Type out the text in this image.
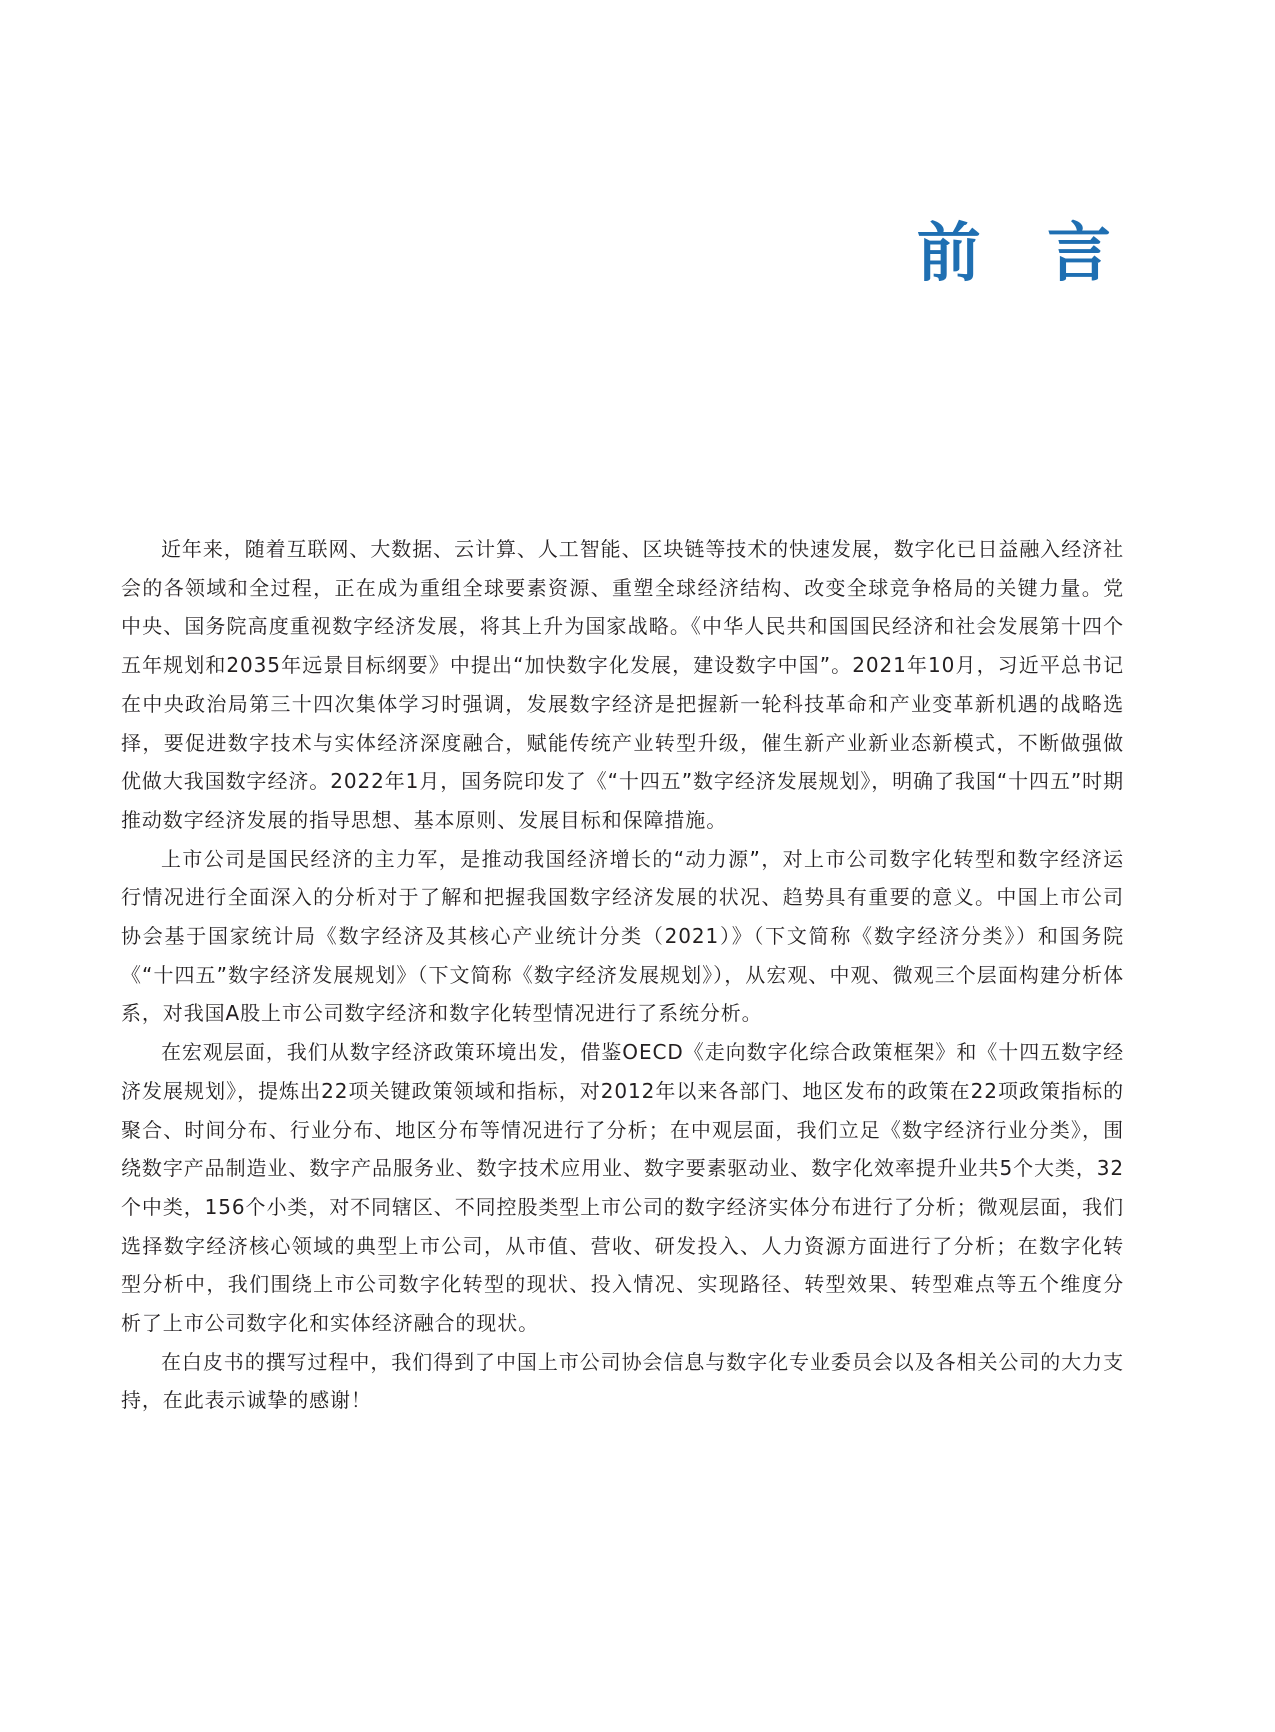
前 言

近年来，随着互联网、大数据、云计算、人工智能、区块链等技术的快速发展，数字化已日益融入经济社会的各领域和全过程，正在成为重组全球要素资源、重塑全球经济结构、改变全球竞争格局的关键力量。党中央、国务院高度重视数字经济发展，将其上升为国家战略。《中华人民共和国国民经济和社会发展第十四个五年规划和2035年远景目标纲要》中提出“加快数字化发展，建设数字中国”。2021年10月，习近平总书记在中央政治局第三十四次集体学习时强调，发展数字经济是把握新一轮科技革命和产业变革新机遇的战略选择，要促进数字技术与实体经济深度融合，赋能传统产业转型升级，催生新产业新业态新模式，不断做强做优做大我国数字经济。2022年1月，国务院印发了《“十四五”数字经济发展规划》，明确了我国“十四五”时期推动数字经济发展的指导思想、基本原则、发展目标和保障措施。

上市公司是国民经济的主力军，是推动我国经济增长的“动力源”，对上市公司数字化转型和数字经济运行情况进行全面深入的分析对于了解和把握我国数字经济发展的状况、趋势具有重要的意义。中国上市公司协会基于国家统计局《数字经济及其核心产业统计分类（2021）》（下文简称《数字经济分类》）和国务院《“十四五”数字经济发展规划》（下文简称《数字经济发展规划》），从宏观、中观、微观三个层面构建分析体系，对我国A股上市公司数字经济和数字化转型情况进行了系统分析。

在宏观层面，我们从数字经济政策环境出发，借鉴OECD《走向数字化综合政策框架》和《十四五数字经济发展规划》，提炼出22项关键政策领域和指标，对2012年以来各部门、地区发布的政策在22项政策指标的聚合、时间分布、行业分布、地区分布等情况进行了分析；在中观层面，我们立足《数字经济行业分类》，围绕数字产品制造业、数字产品服务业、数字技术应用业、数字要素驱动业、数字化效率提升业共5个大类，32个中类，156个小类，对不同辖区、不同控股类型上市公司的数字经济实体分布进行了分析；微观层面，我们选择数字经济核心领域的典型上市公司，从市值、营收、研发投入、人力资源方面进行了分析；在数字化转型分析中，我们围绕上市公司数字化转型的现状、投入情况、实现路径、转型效果、转型难点等五个维度分析了上市公司数字化和实体经济融合的现状。

在白皮书的撰写过程中，我们得到了中国上市公司协会信息与数字化专业委员会以及各相关公司的大力支持，在此表示诚挚的感谢！
